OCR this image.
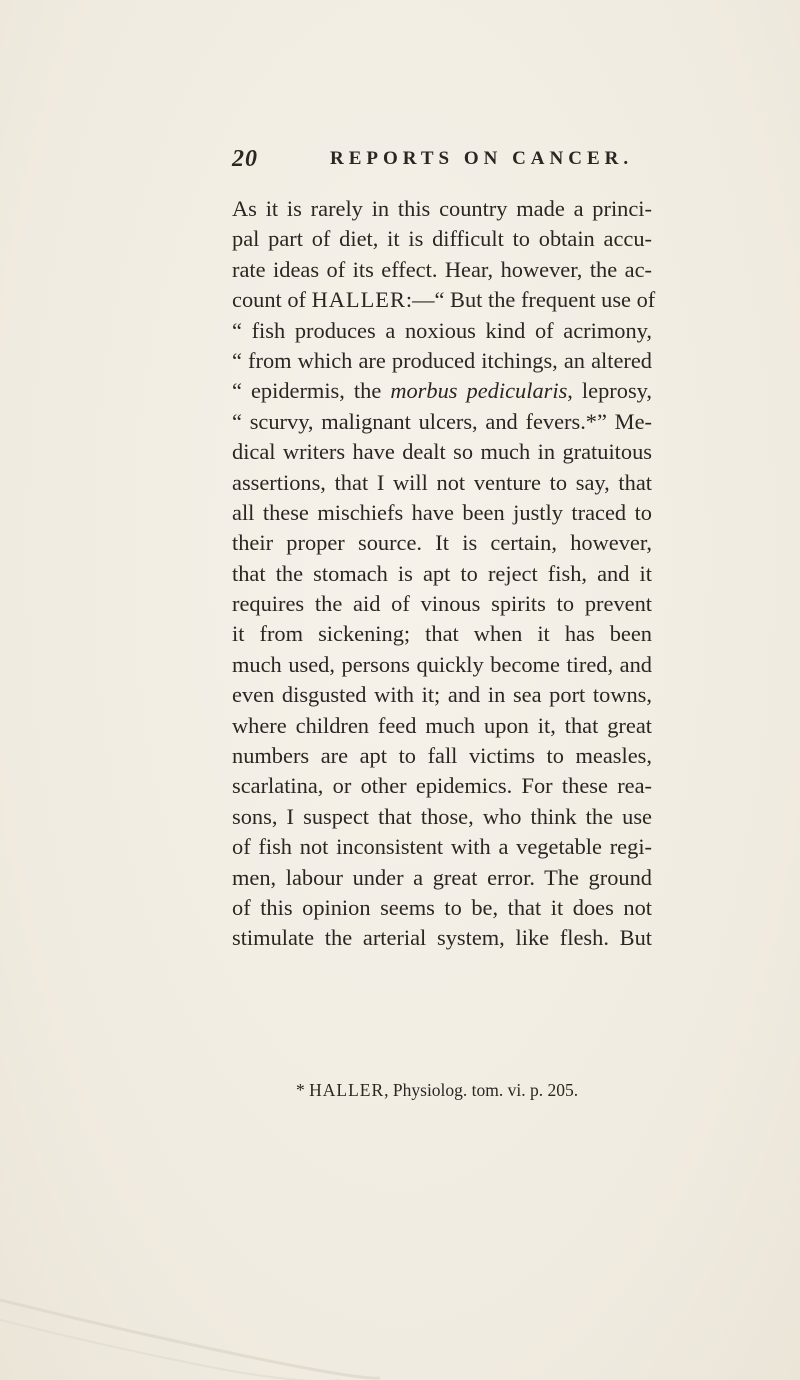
20	REPORTS ON CANCER.
As it is rarely in this country made a princi-
pal part of diet, it is difficult to obtain accu-
rate ideas of its effect. Hear, however, the ac-
count of HALLER:—“ But the frequent use of
“ fish produces a noxious kind of acrimony,
“ from which are produced itchings, an altered
“ epidermis, the morbus pedicularis, leprosy,
“ scurvy, malignant ulcers, and fevers.*” Me-
dical writers have dealt so much in gratuitous
assertions, that I will not venture to say, that
all these mischiefs have been justly traced to
their proper source. It is certain, however,
that the stomach is apt to reject fish, and it
requires the aid of vinous spirits to prevent
it from sickening; that when it has been
much used, persons quickly become tired, and
even disgusted with it; and in sea port towns,
where children feed much upon it, that great
numbers are apt to fall victims to measles,
scarlatina, or other epidemics. For these rea-
sons, I suspect that those, who think the use
of fish not inconsistent with a vegetable regi-
men, labour under a great error. The ground
of this opinion seems to be, that it does not
stimulate the arterial system, like flesh. But
* HALLER, Physiolog. tom. vi. p. 205.
